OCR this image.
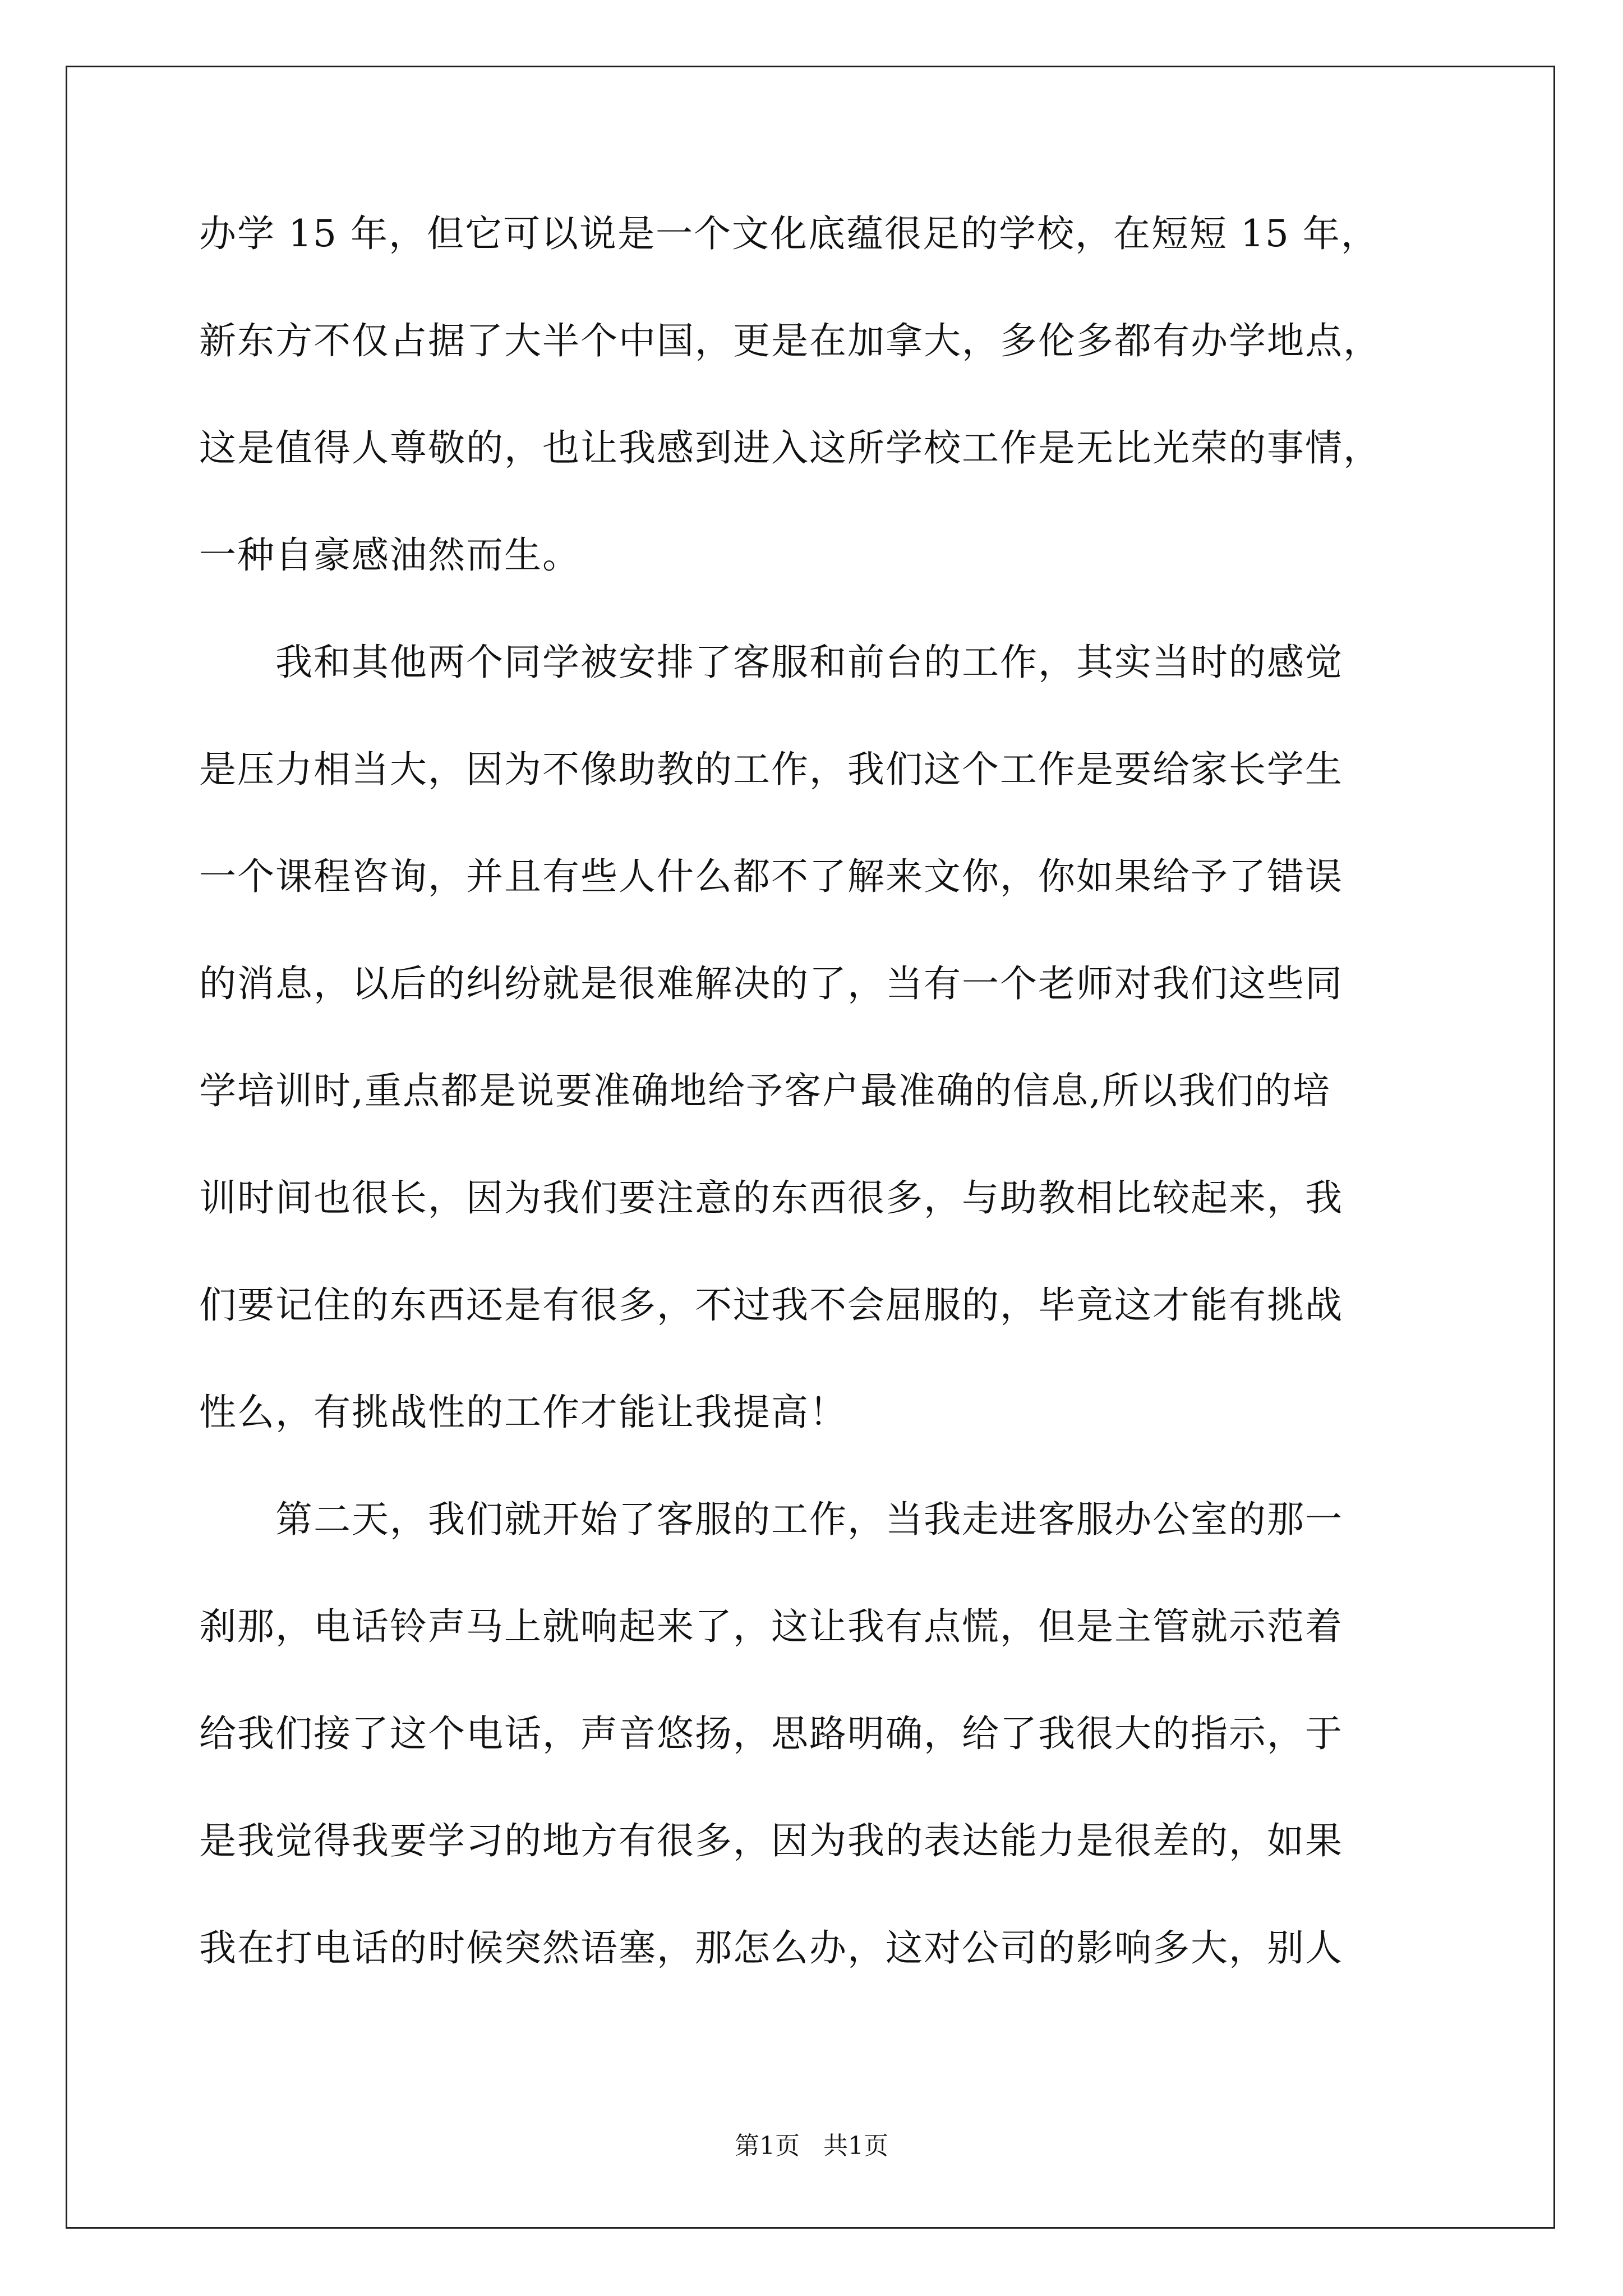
办学 15 年，但它可以说是一个文化底蕴很足的学校，在短短 15 年，
新东方不仅占据了大半个中国，更是在加拿大，多伦多都有办学地点，
这是值得人尊敬的，也让我感到进入这所学校工作是无比光荣的事情，
一种自豪感油然而生。
　　我和其他两个同学被安排了客服和前台的工作，其实当时的感觉
是压力相当大，因为不像助教的工作，我们这个工作是要给家长学生
一个课程咨询，并且有些人什么都不了解来文你，你如果给予了错误
的消息，以后的纠纷就是很难解决的了，当有一个老师对我们这些同
学培训时,重点都是说要准确地给予客户最准确的信息,所以我们的培
训时间也很长，因为我们要注意的东西很多，与助教相比较起来，我
们要记住的东西还是有很多，不过我不会屈服的，毕竟这才能有挑战
性么，有挑战性的工作才能让我提高！
　　第二天，我们就开始了客服的工作，当我走进客服办公室的那一
刹那，电话铃声马上就响起来了，这让我有点慌，但是主管就示范着
给我们接了这个电话，声音悠扬，思路明确，给了我很大的指示，于
是我觉得我要学习的地方有很多，因为我的表达能力是很差的，如果
我在打电话的时候突然语塞，那怎么办，这对公司的影响多大，别人
第1页   共1页
